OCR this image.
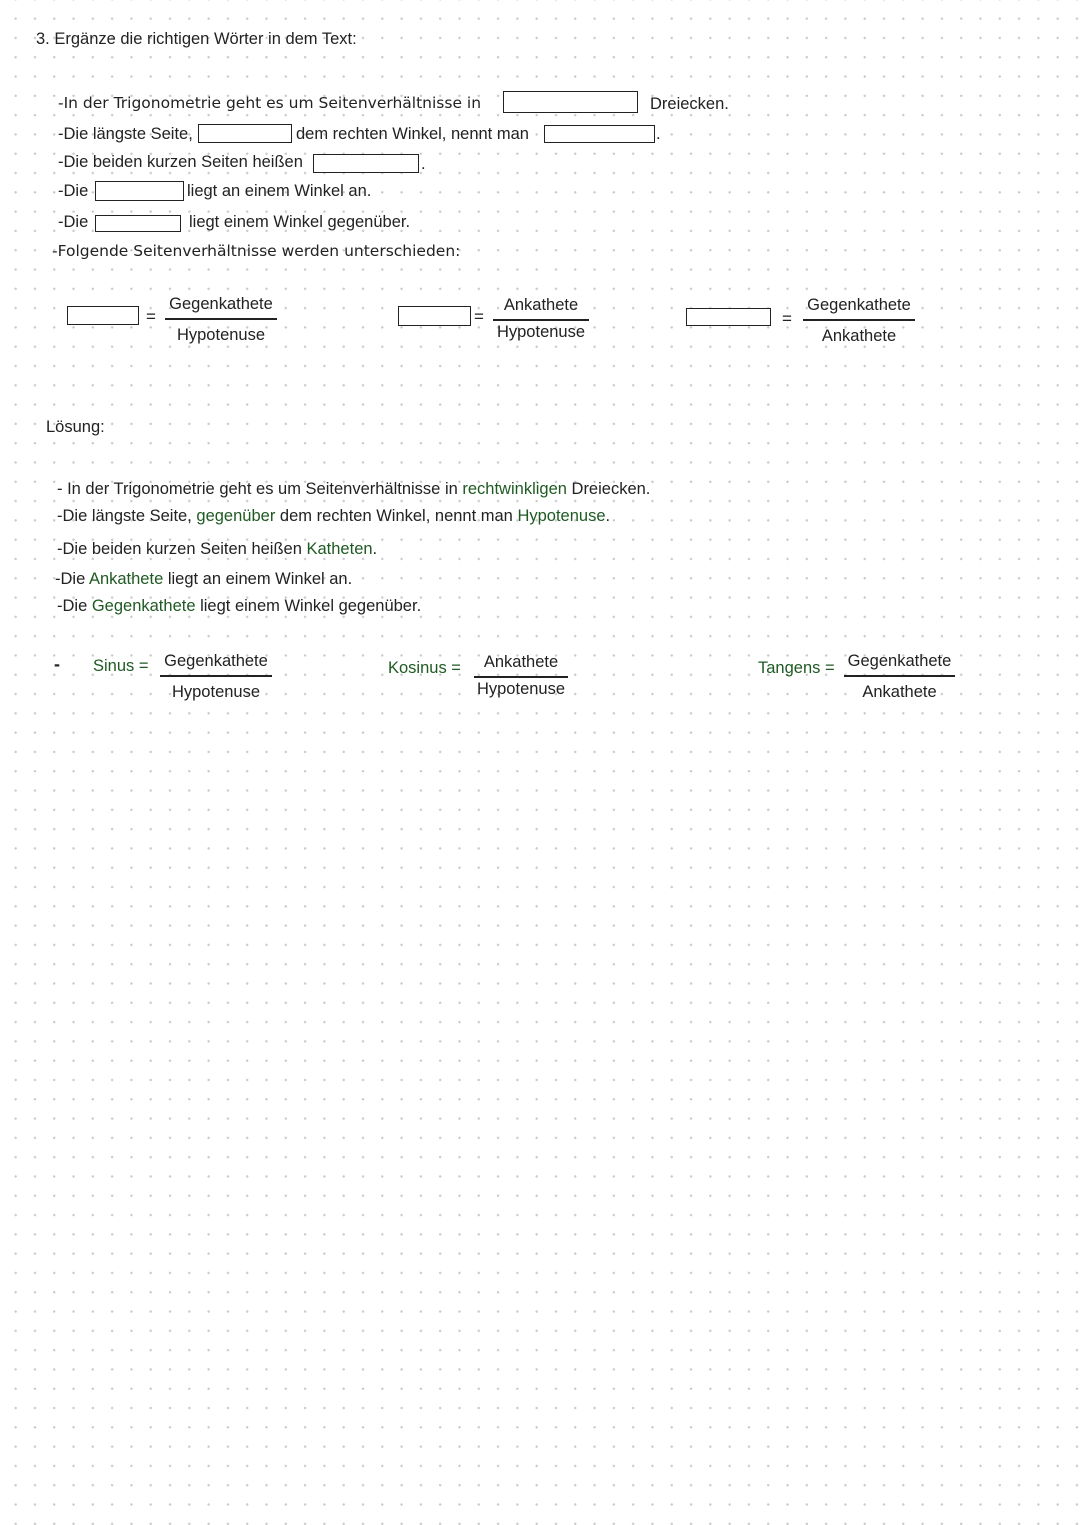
3. Ergänze die richtigen Wörter in dem Text:
-In der Trigonometrie geht es um Seitenverhältnisse in	Dreiecken.
-Die längste Seite,	dem rechten Winkel, nennt man	.
-Die beiden kurzen Seiten heißen	.
-Die	liegt an einem Winkel an.
-Die	liegt einem Winkel gegenüber.
-Folgende Seitenverhältnisse werden unterschieden:
=
Gegenkathete
Hypotenuse
=
Ankathete
Hypotenuse
=
Gegenkathete
Ankathete
Lösung:
- In der Trigonometrie geht es um Seitenverhältnisse in rechtwinkligen Dreiecken.
-Die längste Seite, gegenüber dem rechten Winkel, nennt man Hypotenuse.
-Die beiden kurzen Seiten heißen Katheten.
-Die Ankathete liegt an einem Winkel an.
-Die Gegenkathete liegt einem Winkel gegenüber.
- Sinus = Gegenkathete
Hypotenuse
Kosinus =	Ankathete
Hypotenuse
Tangens = Gegenkathete
Ankathete
